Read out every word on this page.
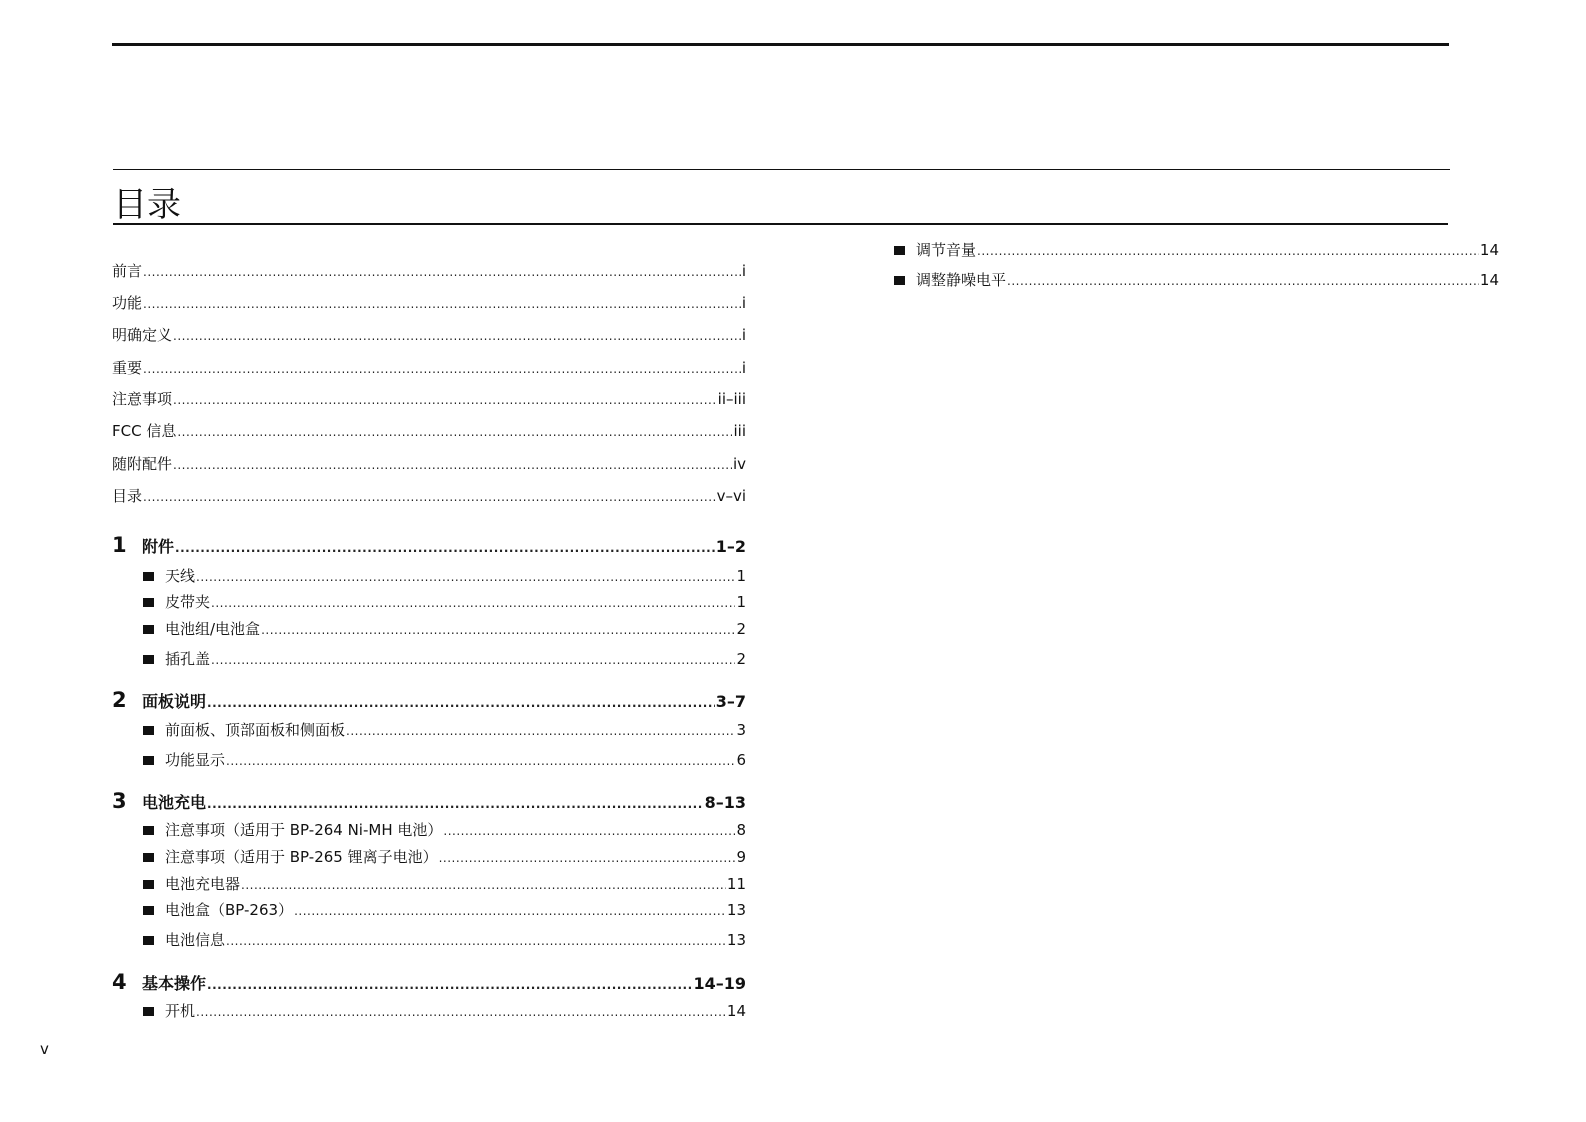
目录
前言 .....	i
功能 .....	i
明确定义 .....	i
重要 .....	i
注意事项 .....	ii–iii
FCC 信息 .....	iii
随附配件 .....	iv
目录 .....	v–vi
1 附件 .....	1–2
天线 .....	1
皮带夹 .....	1
电池组/电池盒 .....	2
插孔盖 .....	2
2 面板说明 .....	3–7
前面板、顶部面板和侧面板 .....	3
功能显示 .....	6
3 电池充电 .....	8–13
注意事项（适用于 BP-264 Ni-MH 电池） .....	8
注意事项（适用于 BP-265 锂离子电池） .....	9
电池充电器 .....	11
电池盒（BP-263） .....	13
电池信息 .....	13
4 基本操作 .....	14–19
开机 .....	14
调节音量 .....	14
调整静噪电平 .....	14
v
